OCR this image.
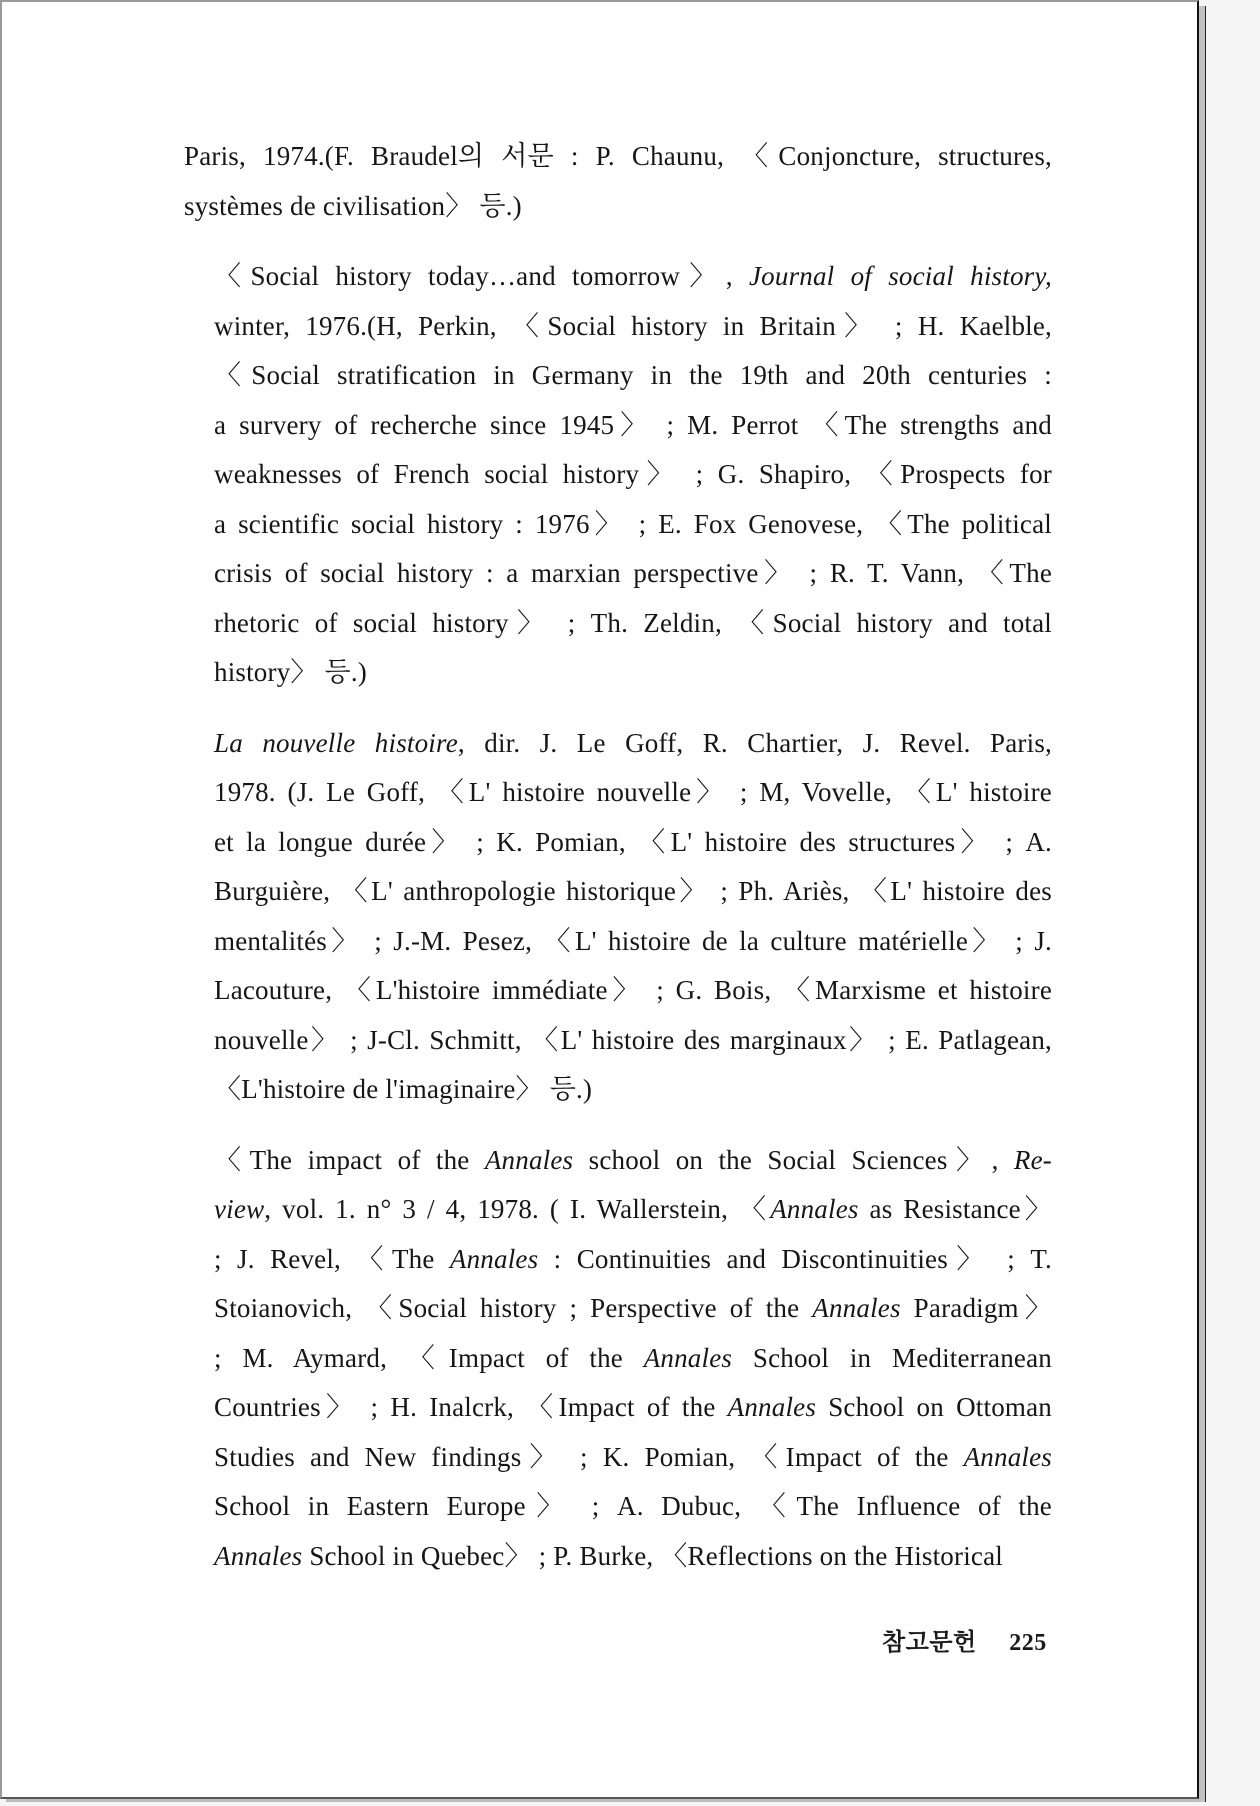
Paris, 1974.(F. Braudel의 서문 : P. Chaunu, 〈Conjoncture, structures,
systèmes de civilisation〉 등.)
〈Social history today…and tomorrow〉, Journal of social history,
winter, 1976.(H, Perkin, 〈Social history in Britain〉 ; H. Kaelble,
〈Social stratification in Germany in the 19th and 20th centuries :
a survery of recherche since 1945〉 ; M. Perrot 〈The strengths and
weaknesses of French social history〉 ; G. Shapiro, 〈Prospects for
a scientific social history : 1976〉 ; E. Fox Genovese, 〈The political
crisis of social history : a marxian perspective〉 ; R. T. Vann, 〈The
rhetoric of social history〉 ; Th. Zeldin, 〈Social history and total
history〉 등.)
La nouvelle histoire, dir. J. Le Goff, R. Chartier, J. Revel. Paris,
1978. (J. Le Goff, 〈L' histoire nouvelle〉 ; M, Vovelle, 〈L' histoire
et la longue durée〉 ; K. Pomian, 〈L' histoire des structures〉 ; A.
Burguière, 〈L' anthropologie historique〉 ; Ph. Ariès, 〈L' histoire des
mentalités〉 ; J.-M. Pesez, 〈L' histoire de la culture matérielle〉 ; J.
Lacouture, 〈L'histoire immédiate〉 ; G. Bois, 〈Marxisme et histoire
nouvelle〉 ; J-Cl. Schmitt, 〈L' histoire des marginaux〉 ; E. Patlagean,
〈L'histoire de l'imaginaire〉 등.)
〈The impact of the Annales school on the Social Sciences〉, Re-
view, vol. 1. n° 3 / 4, 1978. ( I. Wallerstein, 〈Annales as Resistance〉
; J. Revel, 〈The Annales : Continuities and Discontinuities〉 ; T.
Stoianovich, 〈Social history ; Perspective of the Annales Paradigm〉
; M. Aymard, 〈Impact of the Annales School in Mediterranean
Countries〉 ; H. Inalcrk, 〈Impact of the Annales School on Ottoman
Studies and New findings〉 ; K. Pomian, 〈Impact of the Annales
School in Eastern Europe〉 ; A. Dubuc, 〈The Influence of the
Annales School in Quebec〉 ; P. Burke, 〈Reflections on the Historical
참고문헌 225
